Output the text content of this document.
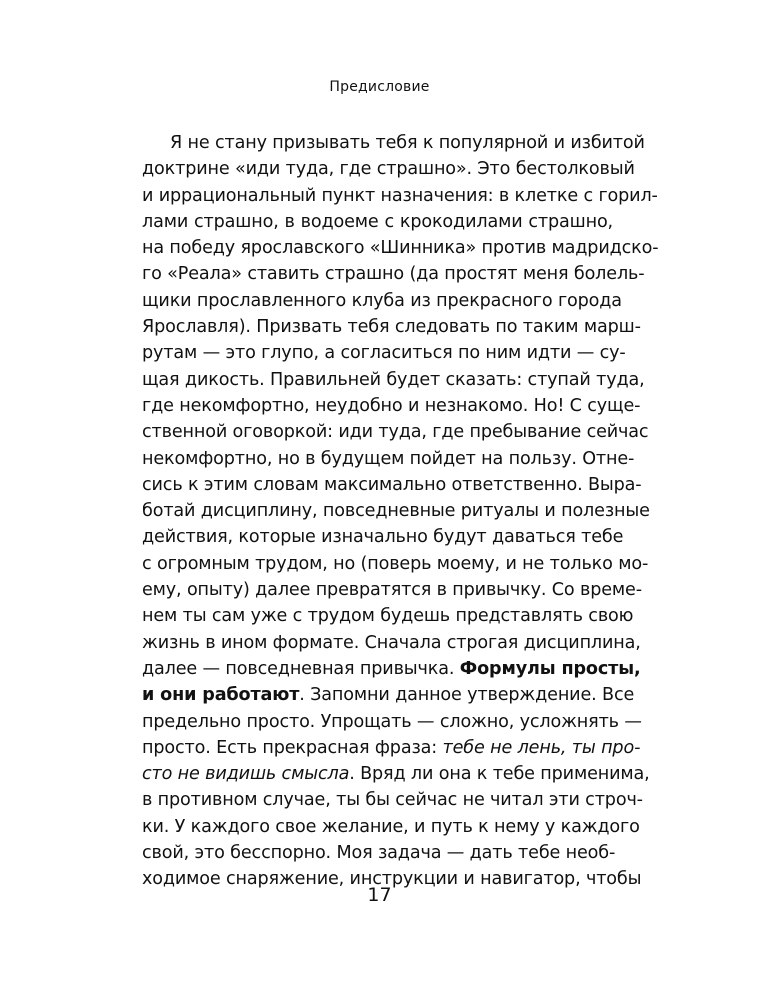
Предисловие
Я не стану призывать тебя к популярной и избитой
доктрине «иди туда, где страшно». Это бестолковый
и иррациональный пункт назначения: в клетке с горил-
лами страшно, в водоеме с крокодилами страшно,
на победу ярославского «Шинника» против мадридско-
го «Реала» ставить страшно (да простят меня болель-
щики прославленного клуба из прекрасного города
Ярославля). Призвать тебя следовать по таким марш-
рутам — это глупо, а согласиться по ним идти — су-
щая дикость. Правильней будет сказать: ступай туда,
где некомфортно, неудобно и незнакомо. Но! С суще-
ственной оговоркой: иди туда, где пребывание сейчас
некомфортно, но в будущем пойдет на пользу. Отне-
сись к этим словам максимально ответственно. Выра-
ботай дисциплину, повседневные ритуалы и полезные
действия, которые изначально будут даваться тебе
с огромным трудом, но (поверь моему, и не только мо-
ему, опыту) далее превратятся в привычку. Со време-
нем ты сам уже с трудом будешь представлять свою
жизнь в ином формате. Сначала строгая дисциплина,
далее — повседневная привычка. Формулы просты,
и они работают. Запомни данное утверждение. Все
предельно просто. Упрощать — сложно, усложнять —
просто. Есть прекрасная фраза: тебе не лень, ты про-
сто не видишь смысла. Вряд ли она к тебе применима,
в противном случае, ты бы сейчас не читал эти строч-
ки. У каждого свое желание, и путь к нему у каждого
свой, это бесспорно. Моя задача — дать тебе необ-
ходимое снаряжение, инструкции и навигатор, чтобы
17
